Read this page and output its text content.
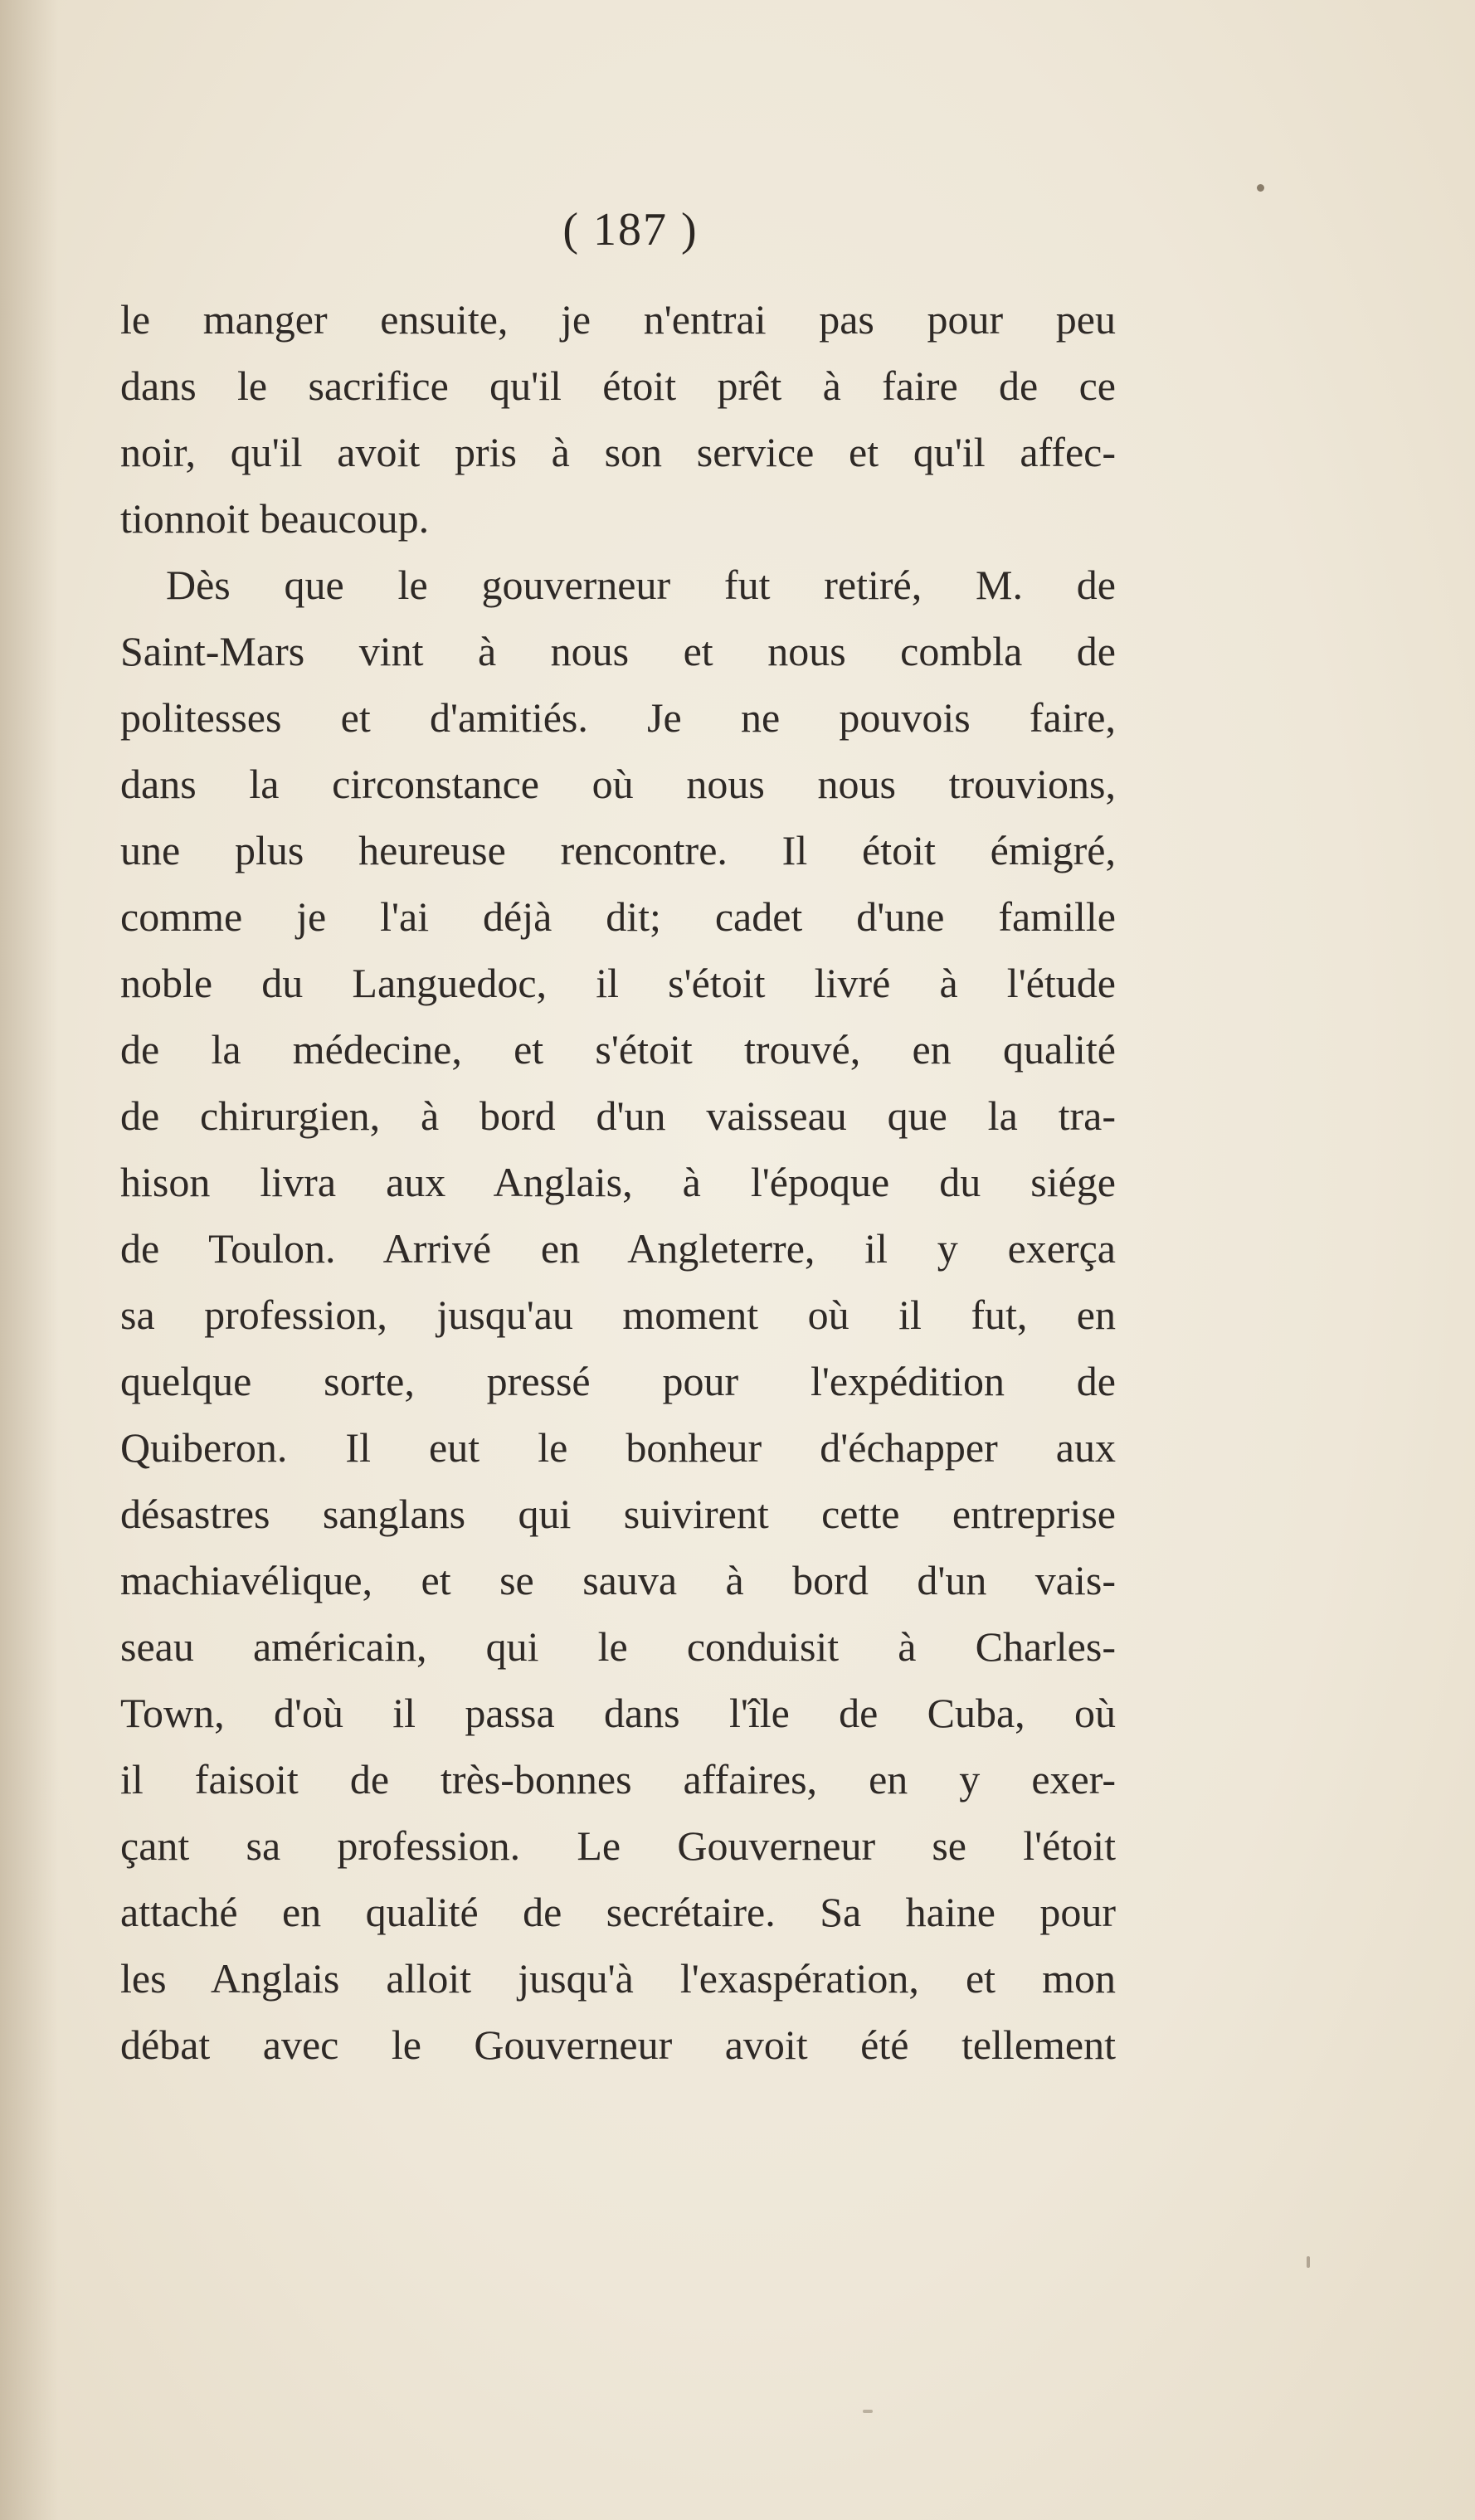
( 187 )
le manger ensuite, je n'entrai pas pour peu
dans le sacrifice qu'il étoit prêt à faire de ce
noir, qu'il avoit pris à son service et qu'il affec-
tionnoit beaucoup.
Dès que le gouverneur fut retiré, M. de
Saint-Mars vint à nous et nous combla de
politesses et d'amitiés. Je ne pouvois faire,
dans la circonstance où nous nous trouvions,
une plus heureuse rencontre. Il étoit émigré,
comme je l'ai déjà dit; cadet d'une famille
noble du Languedoc, il s'étoit livré à l'étude
de la médecine, et s'étoit trouvé, en qualité
de chirurgien, à bord d'un vaisseau que la tra-
hison livra aux Anglais, à l'époque du siége
de Toulon. Arrivé en Angleterre, il y exerça
sa profession, jusqu'au moment où il fut, en
quelque sorte, pressé pour l'expédition de
Quiberon. Il eut le bonheur d'échapper aux
désastres sanglans qui suivirent cette entreprise
machiavélique, et se sauva à bord d'un vais-
seau américain, qui le conduisit à Charles-
Town, d'où il passa dans l'île de Cuba, où
il faisoit de très-bonnes affaires, en y exer-
çant sa profession. Le Gouverneur se l'étoit
attaché en qualité de secrétaire. Sa haine pour
les Anglais alloit jusqu'à l'exaspération, et mon
débat avec le Gouverneur avoit été tellement
